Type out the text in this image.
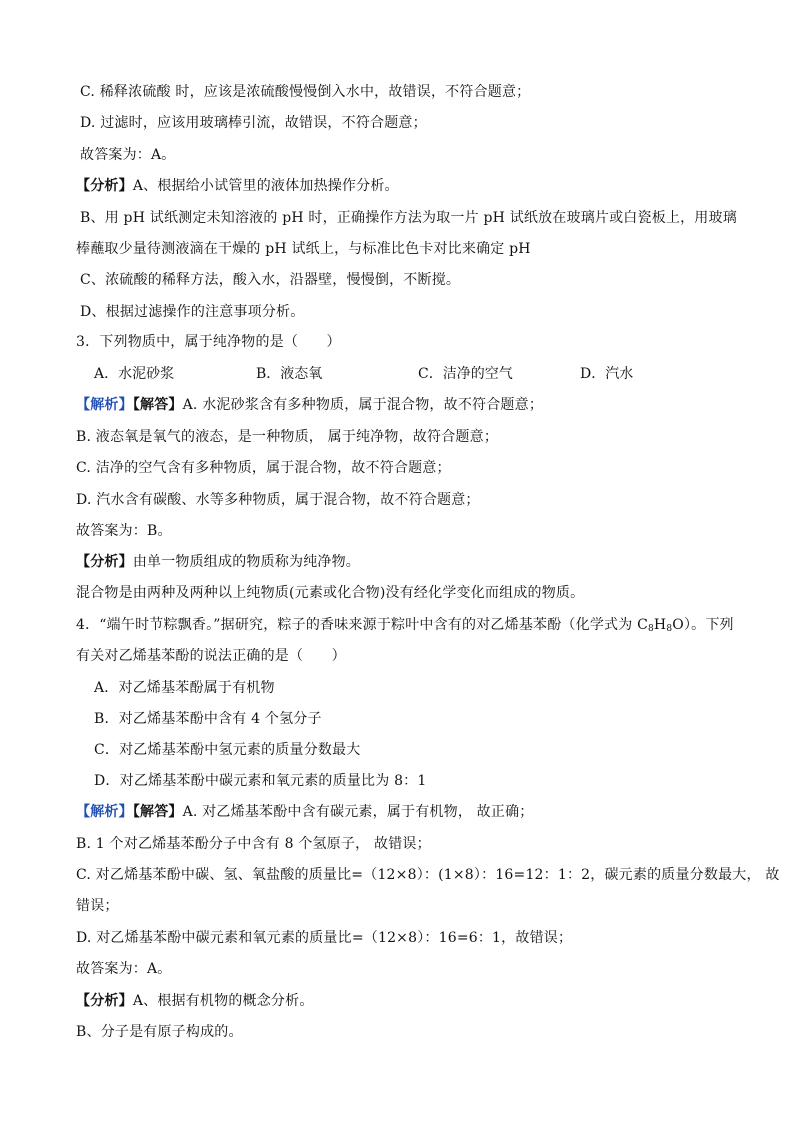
C. 稀释浓硫酸 时，应该是浓硫酸慢慢倒入水中，故错误，不符合题意；
D. 过滤时，应该用玻璃棒引流，故错误，不符合题意；
故答案为：A。
【分析】A、根据给小试管里的液体加热操作分析。
B、用 pH 试纸测定未知溶液的 pH 时，正确操作方法为取一片 pH 试纸放在玻璃片或白瓷板上，用玻璃
棒蘸取少量待测液滴在干燥的 pH 试纸上，与标准比色卡对比来确定 pH
C、浓硫酸的稀释方法，酸入水，沿器壁，慢慢倒，不断搅。
D、根据过滤操作的注意事项分析。
3．下列物质中，属于纯净物的是（　　）
A．水泥砂浆	B．液态氧	C．洁净的空气	D．汽水
【解析】【解答】A. 水泥砂浆含有多种物质，属于混合物，故不符合题意；
B. 液态氧是氧气的液态，是一种物质， 属于纯净物，故符合题意；
C. 洁净的空气含有多种物质，属于混合物，故不符合题意；
D. 汽水含有碳酸、水等多种物质，属于混合物，故不符合题意；
故答案为：B。
【分析】由单一物质组成的物质称为纯净物。
混合物是由两种及两种以上纯物质(元素或化合物)没有经化学变化而组成的物质。
4．“端午时节粽飘香。”据研究，粽子的香味来源于粽叶中含有的对乙烯基苯酚（化学式为 $C_8H_8O$）。下列
有关对乙烯基苯酚的说法正确的是（　　）
A．对乙烯基苯酚属于有机物
B．对乙烯基苯酚中含有 4 个氢分子
C．对乙烯基苯酚中氢元素的质量分数最大
D．对乙烯基苯酚中碳元素和氧元素的质量比为 8：1
【解析】【解答】A. 对乙烯基苯酚中含有碳元素，属于有机物， 故正确；
B. 1 个对乙烯基苯酚分子中含有 8 个氢原子， 故错误；
C. 对乙烯基苯酚中碳、氢、氧盐酸的质量比=（12×8）：(1×8）：16=12：1：2，碳元素的质量分数最大， 故
错误；
D. 对乙烯基苯酚中碳元素和氧元素的质量比=（12×8）：16=6：1，故错误；
故答案为：A。
【分析】A、根据有机物的概念分析。
B、分子是有原子构成的。
